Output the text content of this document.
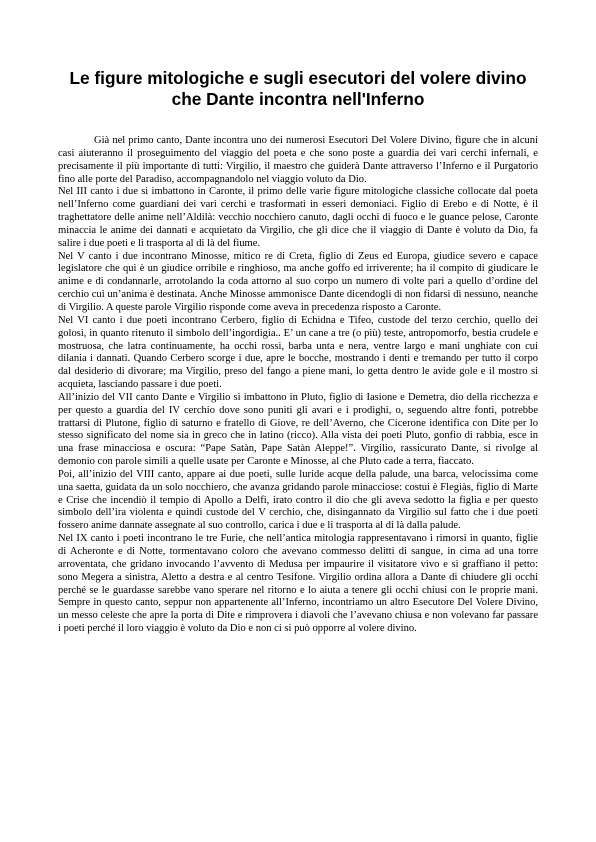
Le figure mitologiche e sugli esecutori del volere divino
che Dante incontra nell'Inferno

Già nel primo canto, Dante incontra uno dei numerosi Esecutori Del Volere Divino, figure che in alcuni casi aiuteranno il proseguimento del viaggio del poeta e che sono poste a guardia dei vari cerchi infernali, e precisamente il più importante di tutti: Virgilio, il maestro che guiderà Dante attraverso l’Inferno e il Purgatorio fino alle porte del Paradiso, accompagnandolo nel viaggio voluto da Dio.

Nel III canto i due si imbattono in Caronte, il primo delle varie figure mitologiche classiche collocate dal poeta nell’Inferno come guardiani dei vari cerchi e trasformati in esseri demoniaci. Figlio di Erebo e di Notte, è il traghettatore delle anime nell’Aldilà: vecchio nocchiero canuto, dagli occhi di fuoco e le guance pelose, Caronte minaccia le anime dei dannati e acquietato da Virgilio, che gli dice che il viaggio di Dante è voluto da Dio, fa salire i due poeti e li trasporta al di là del fiume.

Nel V canto i due incontrano Minosse, mitico re di Creta, figlio di Zeus ed Europa, giudice severo e capace legislatore che qui è un giudice orribile e ringhioso, ma anche goffo ed irriverente; ha il compito di giudicare le anime e di condannarle, arrotolando la coda attorno al suo corpo un numero di volte pari a quello d’ordine del cerchio cui un’anima è destinata. Anche Minosse ammonisce Dante dicendogli di non fidarsi di nessuno, neanche di Virgilio. A queste parole Virgilio risponde come aveva in precedenza risposto a Caronte.

Nel VI canto i due poeti incontrano Cerbero, figlio di Echidna e Tifeo, custode del terzo cerchio, quello dei golosi, in quanto ritenuto il simbolo dell’ingordigia.. E’ un cane a tre (o più) teste, antropomorfo, bestia crudele e mostruosa, che latra continuamente, ha occhi rossi, barba unta e nera, ventre largo e mani unghiate con cui dilania i dannati. Quando Cerbero scorge i due, apre le bocche, mostrando i denti e tremando per tutto il corpo dal desiderio di divorare; ma Virgilio, preso del fango a piene mani, lo getta dentro le avide gole e il mostro si acquieta, lasciando passare i due poeti.

All’inizio del VII canto Dante e Virgilio si imbattono in Pluto, figlio di Iasione e Demetra, dio della ricchezza e per questo a guardia del IV cerchio dove sono puniti gli avari e i prodighi, o, seguendo altre fonti, potrebbe trattarsi di Plutone, figlio di saturno e fratello di Giove, re dell’Averno, che Cicerone identifica con Dite per lo stesso significato del nome sia in greco che in latino (ricco). Alla vista dei poeti Pluto, gonfio di rabbia, esce in una frase minacciosa e oscura: “Pape Satàn, Pape Satàn Aleppe!”. Virgilio, rassicurato Dante, si rivolge al demonio con parole simili a quelle usate per Caronte e Minosse, al che Pluto cade a terra, fiaccato.

Poi, all’inizio del VIII canto, appare ai due poeti, sulle luride acque della palude, una barca, velocissima come una saetta, guidata da un solo nocchiero, che avanza gridando parole minacciose: costui è Flegiàs, figlio di Marte e Crise che incendiò il tempio di Apollo a Delfi, irato contro il dio che gli aveva sedotto la figlia e per questo simbolo dell’ira violenta e quindi custode del V cerchio, che, disingannato da Virgilio sul fatto che i due poeti fossero anime dannate assegnate al suo controllo, carica i due e li trasporta al di là dalla palude.

Nel IX canto i poeti incontrano le tre Furie, che nell’antica mitologia rappresentavano i rimorsi in quanto, figlie di Acheronte e di Notte, tormentavano coloro che avevano commesso delitti di sangue, in cima ad una torre arroventata, che gridano invocando l’avvento di Medusa per impaurire il visitatore vivo e si graffiano il petto: sono Megera a sinistra, Aletto a destra e al centro Tesifone. Virgilio ordina allora a Dante di chiudere gli occhi perché se le guardasse sarebbe vano sperare nel ritorno e lo aiuta a tenere gli occhi chiusi con le proprie mani. Sempre in questo canto, seppur non appartenente all’Inferno, incontriamo un altro Esecutore Del Volere Divino, un messo celeste che apre la porta di Dite e rimprovera i diavoli che l’avevano chiusa e non volevano far passare i poeti perché il loro viaggio è voluto da Dio e non ci si può opporre al volere divino.
